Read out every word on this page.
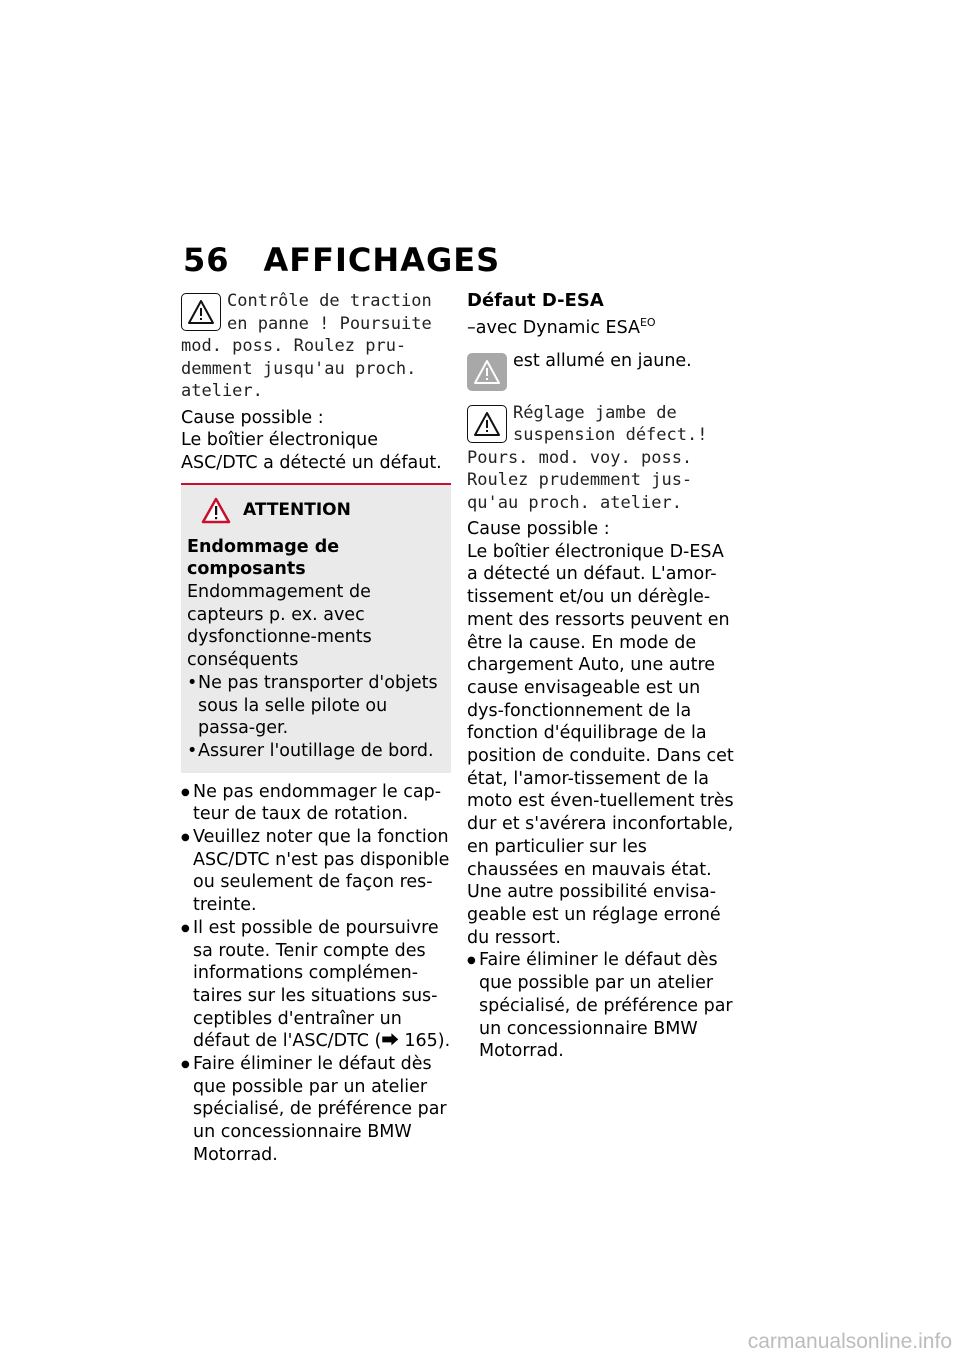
56 AFFICHAGES
Contrôle de traction en panne ! Poursuite mod. poss. Roulez pru-demment jusqu'au proch. atelier.
Cause possible :
Le boîtier électronique ASC/DTC a détecté un défaut.
ATTENTION
Endommage de composants
Endommagement de capteurs p. ex. avec dysfonctionne-ments conséquents
• Ne pas transporter d'objets sous la selle pilote ou passa-ger.
• Assurer l'outillage de bord.
● Ne pas endommager le cap-teur de taux de rotation.
● Veuillez noter que la fonction ASC/DTC n'est pas disponible ou seulement de façon res-treinte.
● Il est possible de poursuivre sa route. Tenir compte des informations complémen-taires sur les situations sus-ceptibles d'entraîner un défaut de l'ASC/DTC (⮕ 165).
● Faire éliminer le défaut dès que possible par un atelier spécialisé, de préférence par un concessionnaire BMW Motorrad.
Défaut D-ESA
–avec Dynamic $ESA^{EO}$
est allumé en jaune.
Réglage jambe de suspension défect.! Pours. mod. voy. poss. Roulez prudemment jus-qu'au proch. atelier.
Cause possible :
Le boîtier électronique D-ESA a détecté un défaut. L'amor-tissement et/ou un dérègle-ment des ressorts peuvent en être la cause. En mode de chargement Auto, une autre cause envisageable est un dys-fonctionnement de la fonction d'équilibrage de la position de conduite. Dans cet état, l'amor-tissement de la moto est éven-tuellement très dur et s'avérera inconfortable, en particulier sur les chaussées en mauvais état. Une autre possibilité envisa-geable est un réglage erroné du ressort.
● Faire éliminer le défaut dès que possible par un atelier spécialisé, de préférence par un concessionnaire BMW Motorrad.
carmanualsonline.info
